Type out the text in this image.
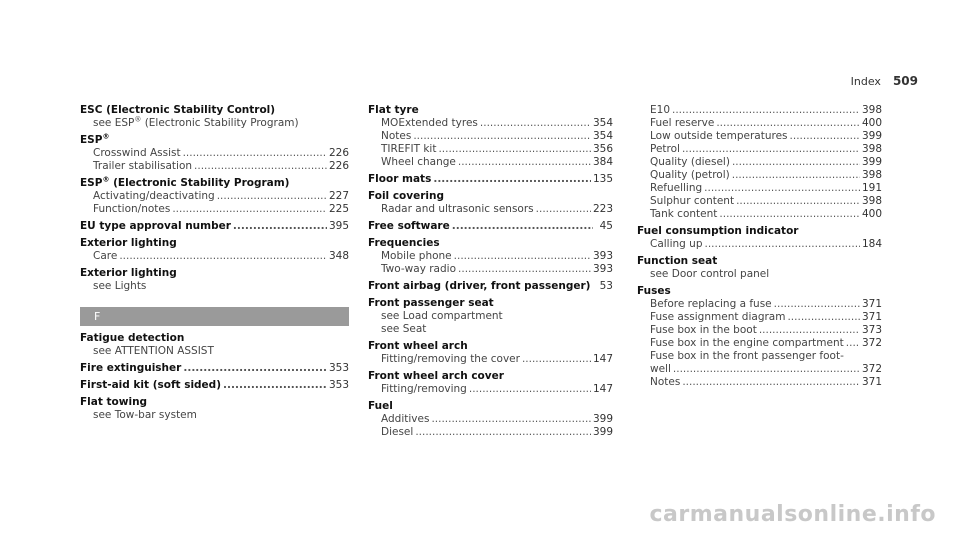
Index 509
ESC (Electronic Stability Control)
see ESP® (Electronic Stability Program)
ESP®
Crosswind Assist .....	226
Trailer stabilisation .....	226
ESP® (Electronic Stability Program)
Activating/deactivating .....	227
Function/notes .....	225
EU type approval number .....	395
Exterior lighting
Care .....	348
Exterior lighting
see Lights
F
Fatigue detection
see ATTENTION ASSIST
Fire extinguisher .....	353
First-aid kit (soft sided) .....	353
Flat towing
see Tow-bar system
Flat tyre
MOExtended tyres .....	354
Notes .....	354
TIREFIT kit .....	356
Wheel change .....	384
Floor mats .....	135
Foil covering
Radar and ultrasonic sensors .....	223
Free software .....	45
Frequencies
Mobile phone .....	393
Two-way radio .....	393
Front airbag (driver, front passenger) ..... 53
Front passenger seat
see Load compartment
see Seat
Front wheel arch
Fitting/removing the cover .....	147
Front wheel arch cover
Fitting/removing .....	147
Fuel
Additives .....	399
Diesel .....	399
E10 .....	398
Fuel reserve .....	400
Low outside temperatures .....	399
Petrol .....	398
Quality (diesel) .....	399
Quality (petrol) .....	398
Refuelling .....	191
Sulphur content .....	398
Tank content .....	400
Fuel consumption indicator
Calling up .....	184
Function seat
see Door control panel
Fuses
Before replacing a fuse .....	371
Fuse assignment diagram .....	371
Fuse box in the boot .....	373
Fuse box in the engine compartment ..... 372
Fuse box in the front passenger foot-
well .....	372
Notes .....	371
carmanualsonline.info
